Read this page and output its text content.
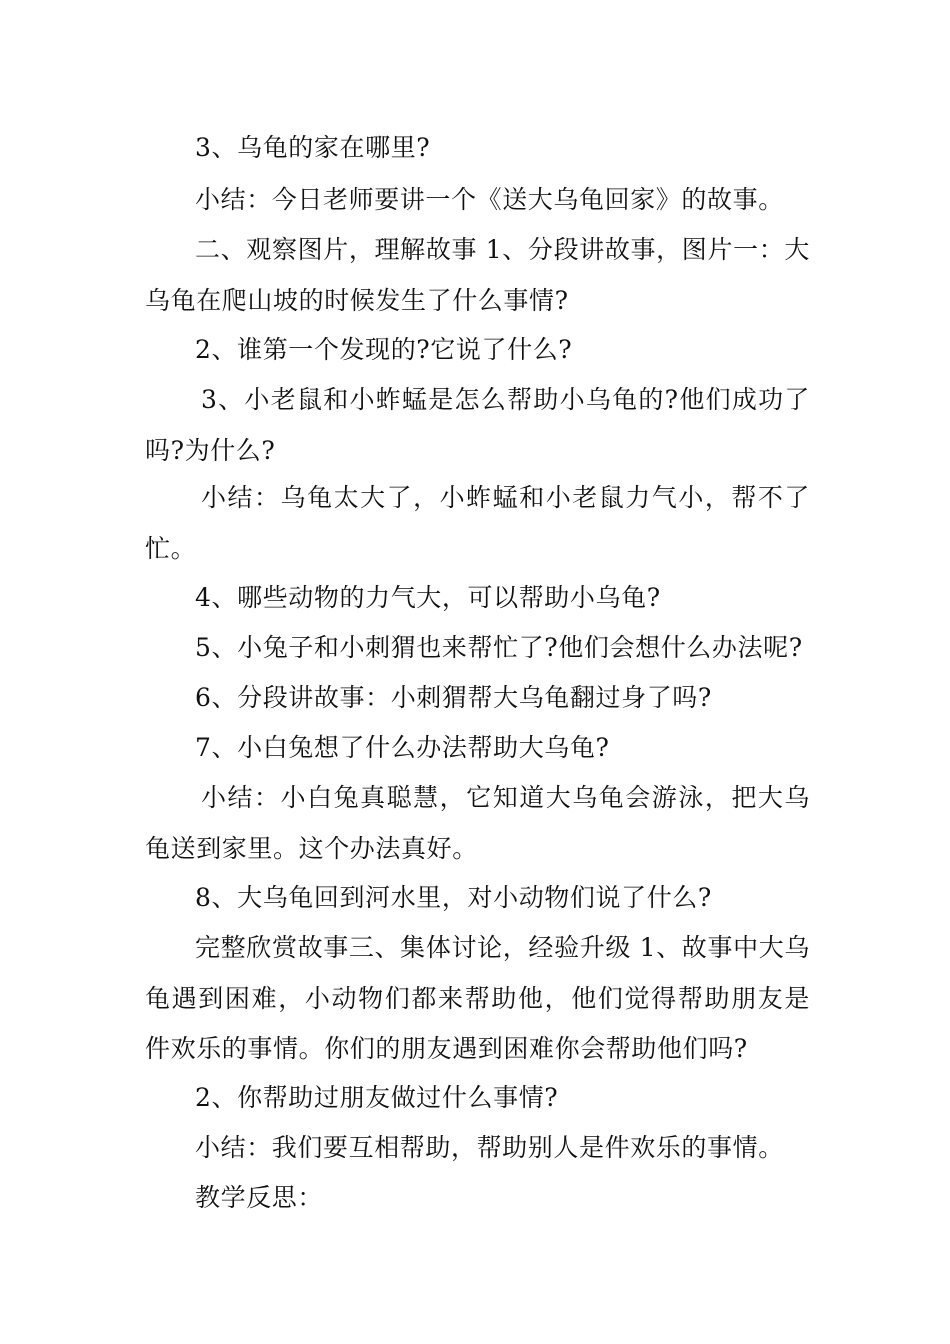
3、乌龟的家在哪里?

小结：今日老师要讲一个《送大乌龟回家》的故事。

二、观察图片，理解故事 1、分段讲故事，图片一：大乌龟在爬山坡的时候发生了什么事情?

2、谁第一个发现的?它说了什么?

3、小老鼠和小蚱蜢是怎么帮助小乌龟的?他们成功了吗?为什么?

小结：乌龟太大了，小蚱蜢和小老鼠力气小，帮不了忙。

4、哪些动物的力气大，可以帮助小乌龟?

5、小兔子和小刺猬也来帮忙了?他们会想什么办法呢?

6、分段讲故事：小刺猬帮大乌龟翻过身了吗?

7、小白兔想了什么办法帮助大乌龟?

小结：小白兔真聪慧，它知道大乌龟会游泳，把大乌龟送到家里。这个办法真好。

8、大乌龟回到河水里，对小动物们说了什么?

完整欣赏故事三、集体讨论，经验升级 1、故事中大乌龟遇到困难，小动物们都来帮助他，他们觉得帮助朋友是件欢乐的事情。你们的朋友遇到困难你会帮助他们吗?

2、你帮助过朋友做过什么事情?

小结：我们要互相帮助，帮助别人是件欢乐的事情。

教学反思：
